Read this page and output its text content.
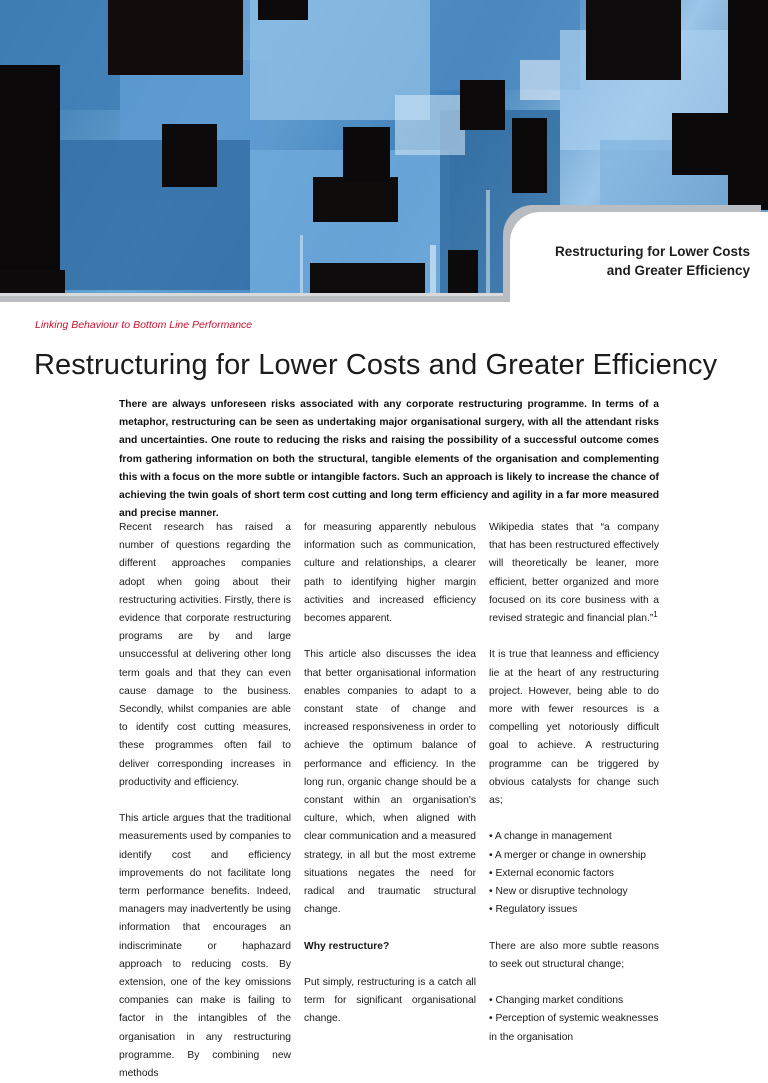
Restructuring for Lower Costs and Greater Efficiency
Linking Behaviour to Bottom Line Performance
Restructuring for Lower Costs and Greater Efficiency

There are always unforeseen risks associated with any corporate restructuring programme. In terms of a metaphor, restructuring can be seen as undertaking major organisational surgery, with all the attendant risks and uncertainties. One route to reducing the risks and raising the possibility of a successful outcome comes from gathering information on both the structural, tangible elements of the organisation and complementing this with a focus on the more subtle or intangible factors. Such an approach is likely to increase the chance of achieving the twin goals of short term cost cutting and long term efficiency and agility in a far more measured and precise manner.

Recent research has raised a number of questions regarding the different approaches companies adopt when going about their restructuring activities. Firstly, there is evidence that corporate restructuring programs are by and large unsuccessful at delivering other long term goals and that they can even cause damage to the business. Secondly, whilst companies are able to identify cost cutting measures, these programmes often fail to deliver corresponding increases in productivity and efficiency.

This article argues that the traditional measurements used by companies to identify cost and efficiency improvements do not facilitate long term performance benefits. Indeed, managers may inadvertently be using information that encourages an indiscriminate or haphazard approach to reducing costs. By extension, one of the key omissions companies can make is failing to factor in the intangibles of the organisation in any restructuring programme. By combining new methods

for measuring apparently nebulous information such as communication, culture and relationships, a clearer path to identifying higher margin activities and increased efficiency becomes apparent.

This article also discusses the idea that better organisational information enables companies to adapt to a constant state of change and increased responsiveness in order to achieve the optimum balance of performance and efficiency. In the long run, organic change should be a constant within an organisation's culture, which, when aligned with clear communication and a measured strategy, in all but the most extreme situations negates the need for radical and traumatic structural change.

Why restructure?

Put simply, restructuring is a catch all term for significant organisational change.

Wikipedia states that “a company that has been restructured effectively will theoretically be leaner, more efficient, better organized and more focused on its core business with a revised strategic and financial plan.”$^1$

It is true that leanness and efficiency lie at the heart of any restructuring project. However, being able to do more with fewer resources is a compelling yet notoriously difficult goal to achieve. A restructuring programme can be triggered by obvious catalysts for change such as;

• A change in management
• A merger or change in ownership
• External economic factors
• New or disruptive technology
• Regulatory issues

There are also more subtle reasons to seek out structural change;

• Changing market conditions
• Perception of systemic weaknesses in the organisation
